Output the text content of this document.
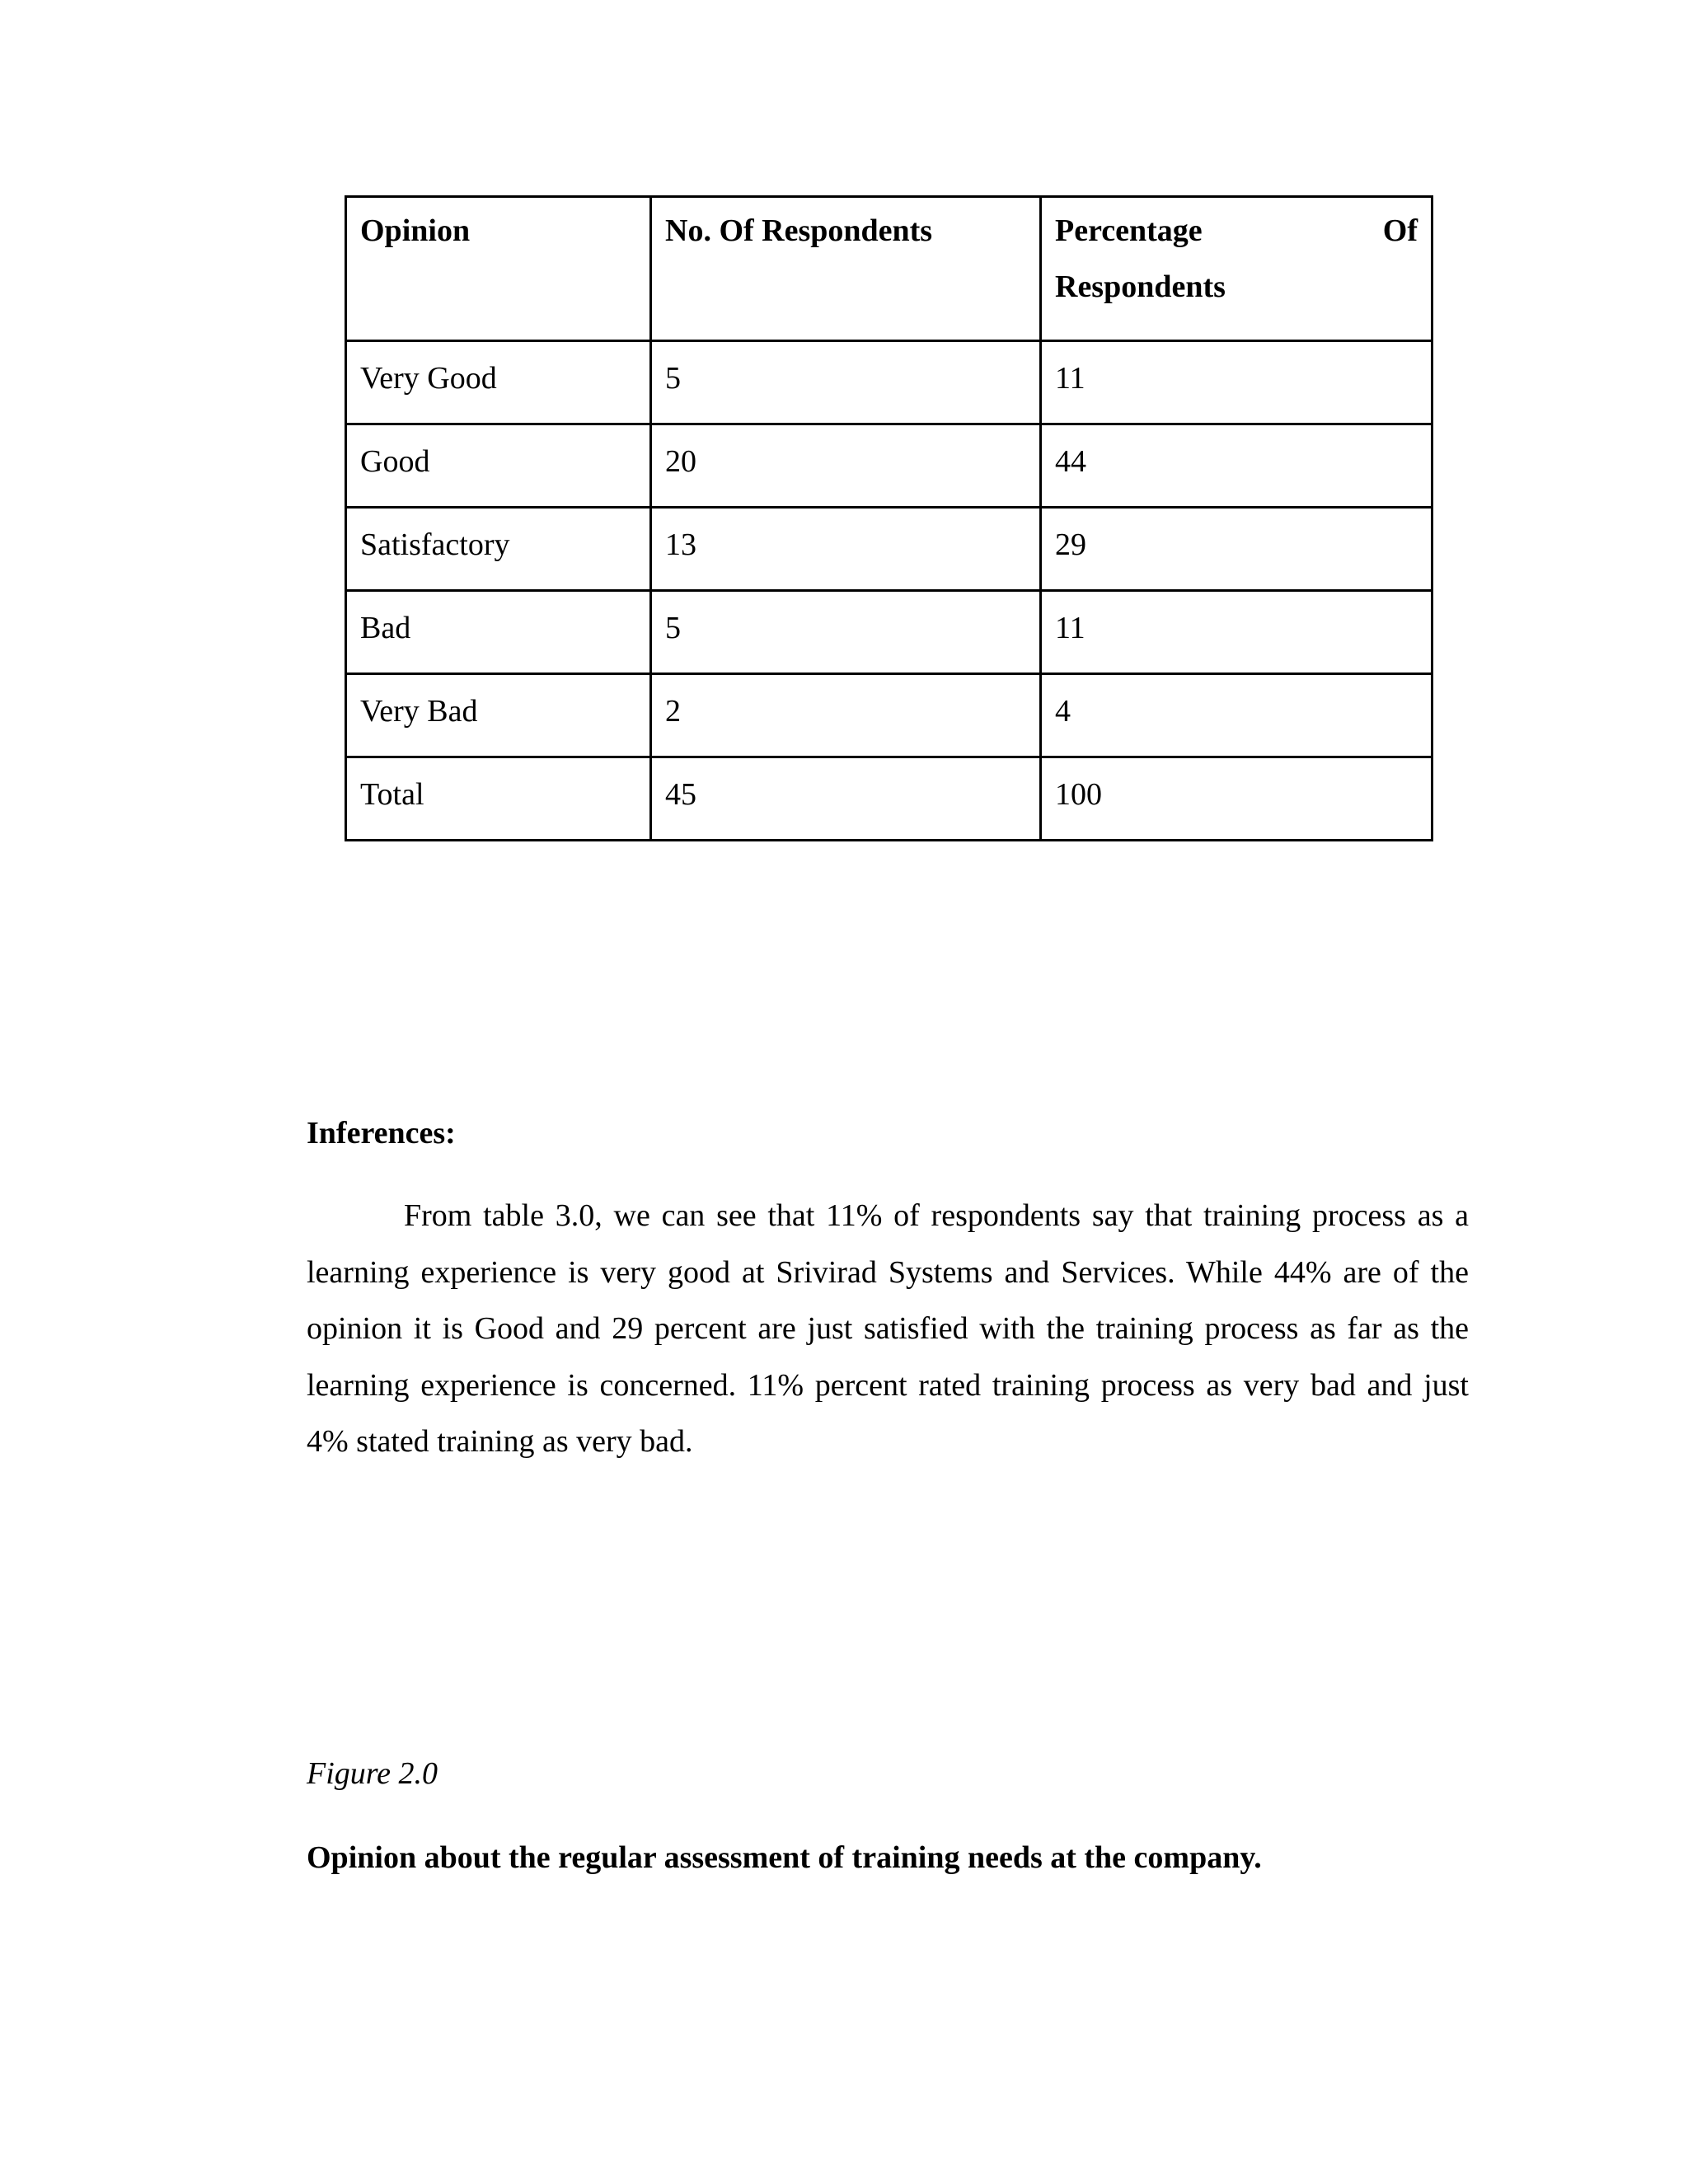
Opinion	No. Of Respondents	Percentage Of
Respondents

Very Good	5	11
Good	20	44
Satisfactory	13	29
Bad	5	11
Very Bad	2	4
Total	45	100
Inferences:

From table 3.0, we can see that 11% of respondents say that training process as a learning experience is very good at Srivirad Systems and Services. While 44% are of the opinion it is Good and 29 percent are just satisfied with the training process as far as the learning experience is concerned. 11% percent rated training process as very bad and just 4% stated training as very bad.

Figure 2.0
Opinion about the regular assessment of training needs at the company.
